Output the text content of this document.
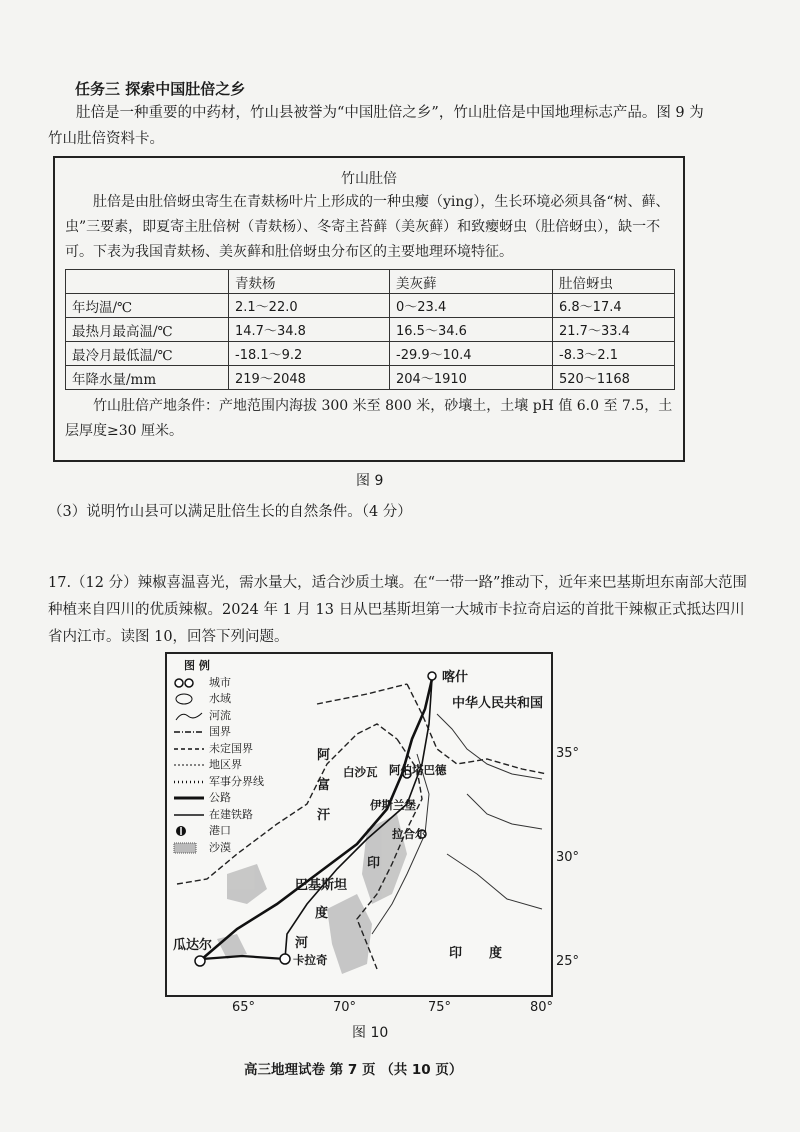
任务三 探索中国肚倍之乡
肚倍是一种重要的中药材，竹山县被誉为“中国肚倍之乡”，竹山肚倍是中国地理标志产品。图 9 为竹山肚倍资料卡。
竹山肚倍
肚倍是由肚倍蚜虫寄生在青麸杨叶片上形成的一种虫瘿（ying），生长环境必须具备“树、藓、虫”三要素，即夏寄主肚倍树（青麸杨）、冬寄主苔藓（美灰藓）和致瘿蚜虫（肚倍蚜虫），缺一不可。下表为我国青麸杨、美灰藓和肚倍蚜虫分布区的主要地理环境特征。
	青麸杨	美灰藓	肚倍蚜虫
年均温/℃	2.1～22.0	0～23.4	6.8～17.4
最热月最高温/℃	14.7～34.8	16.5～34.6	21.7～33.4
最冷月最低温/℃	-18.1～9.2	-29.9～10.4	-8.3～2.1
年降水量/mm	219～2048	204～1910	520～1168
竹山肚倍产地条件：产地范围内海拔 300 米至 800 米，砂壤土，土壤 pH 值 6.0 至 7.5，土层厚度≥30 厘米。
图 9
（3）说明竹山县可以满足肚倍生长的自然条件。（4 分）
17.（12 分）辣椒喜温喜光，需水量大，适合沙质土壤。在“一带一路”推动下，近年来巴基斯坦东南部大范围种植来自四川的优质辣椒。2024 年 1 月 13 日从巴基斯坦第一大城市卡拉奇启运的首批干辣椒正式抵达四川省内江市。读图 10，回答下列问题。
图 例
城市
水域
河流
国界
未定国界
地区界
军事分界线
公路
在建铁路
港口
沙漠
喀什
中华人民共和国
阿
富
汗
白沙瓦 阿伯塔巴德
伊斯兰堡
拉合尔
印
巴基斯坦
度
瓜达尔	河
卡拉奇	印 度
35°
30°
25°
65°	70°	75°	80°
图 10
高三地理试卷 第 7 页 （共 10 页）
